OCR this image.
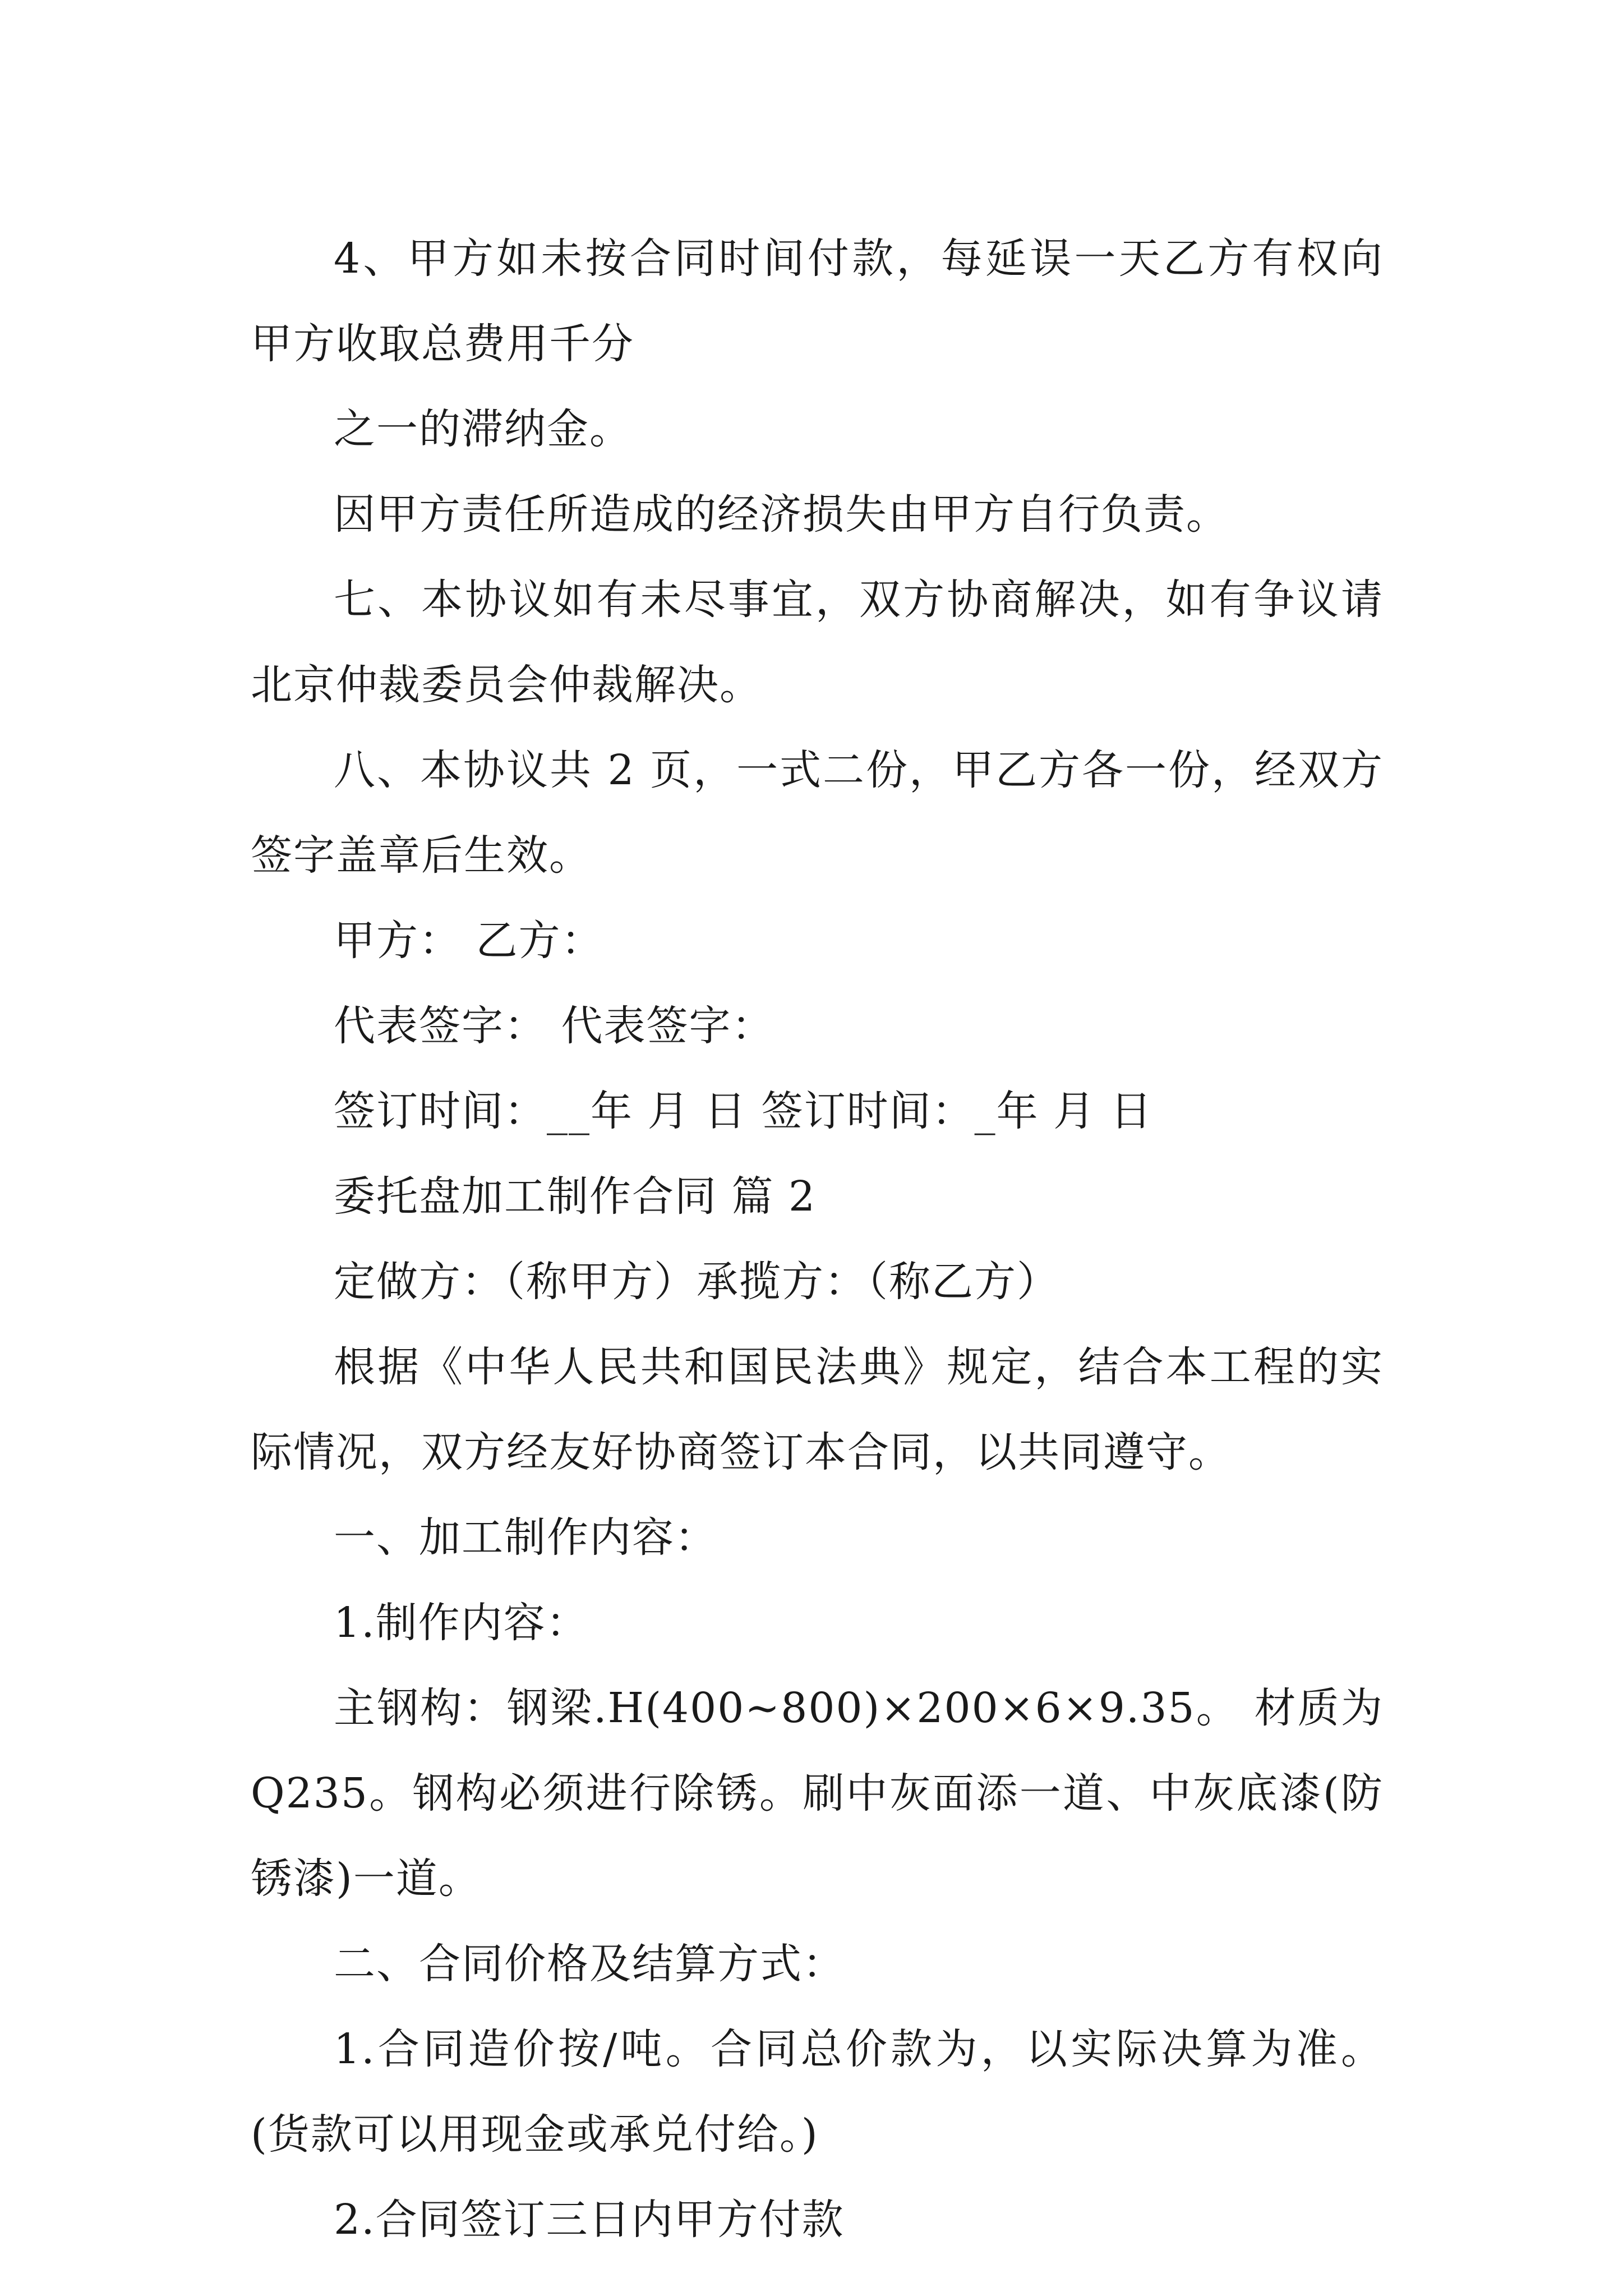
4、甲方如未按合同时间付款，每延误一天乙方有权向甲方收取总费用千分

之一的滞纳金。

因甲方责任所造成的经济损失由甲方自行负责。

七、本协议如有未尽事宜，双方协商解决，如有争议请北京仲裁委员会仲裁解决。

八、本协议共 2 页，一式二份，甲乙方各一份，经双方签字盖章后生效。

甲方： 乙方：

代表签字： 代表签字：

签订时间：__年 月 日 签订时间：_年 月 日

委托盘加工制作合同 篇 2

定做方：（称甲方）承揽方：（称乙方）

根据《中华人民共和国民法典》规定，结合本工程的实际情况，双方经友好协商签订本合同，以共同遵守。

一、加工制作内容：

1.制作内容：

主钢构：钢梁.H(400~800)×200×6×9.35。 材质为Q235。钢构必须进行除锈。刷中灰面添一道、中灰底漆(防锈漆)一道。

二、合同价格及结算方式：

1.合同造价按/吨。合同总价款为，以实际决算为准。(货款可以用现金或承兑付给。)

2.合同签订三日内甲方付款
